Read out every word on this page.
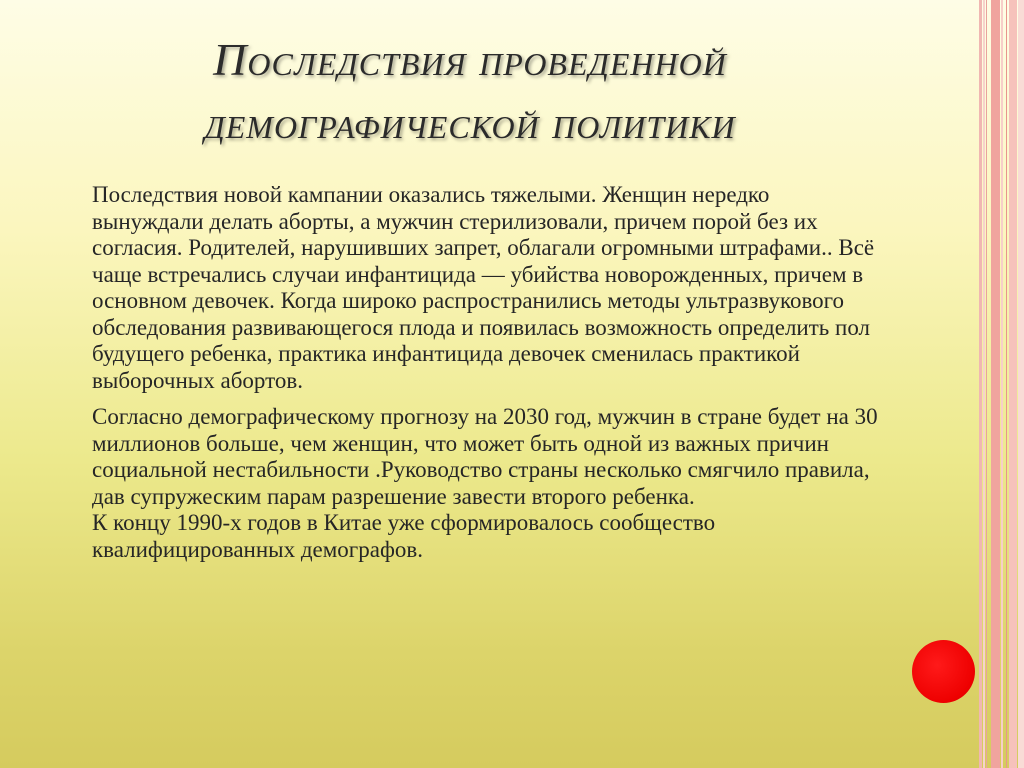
Последствия проведенной
демографической политики

Последствия новой кампании оказались тяжелыми. Женщин нередко вынуждали делать аборты, а мужчин стерилизовали, причем порой без их согласия. Родителей, нарушивших запрет, облагали огромными штрафами.. Всё чаще встречались случаи инфантицида — убийства новорожденных, причем в основном девочек. Когда широко распространились методы ультразвукового обследования развивающегося плода и появилась возможность определить пол будущего ребенка, практика инфантицида девочек сменилась практикой выборочных абортов.

Согласно демографическому прогнозу на 2030 год, мужчин в стране будет на 30 миллионов больше, чем женщин, что может быть одной из важных причин социальной нестабильности .Руководство страны несколько смягчило правила, дав супружеским парам разрешение завести второго ребенка.
К концу 1990-х годов в Китае уже сформировалось сообщество квалифицированных демографов.
